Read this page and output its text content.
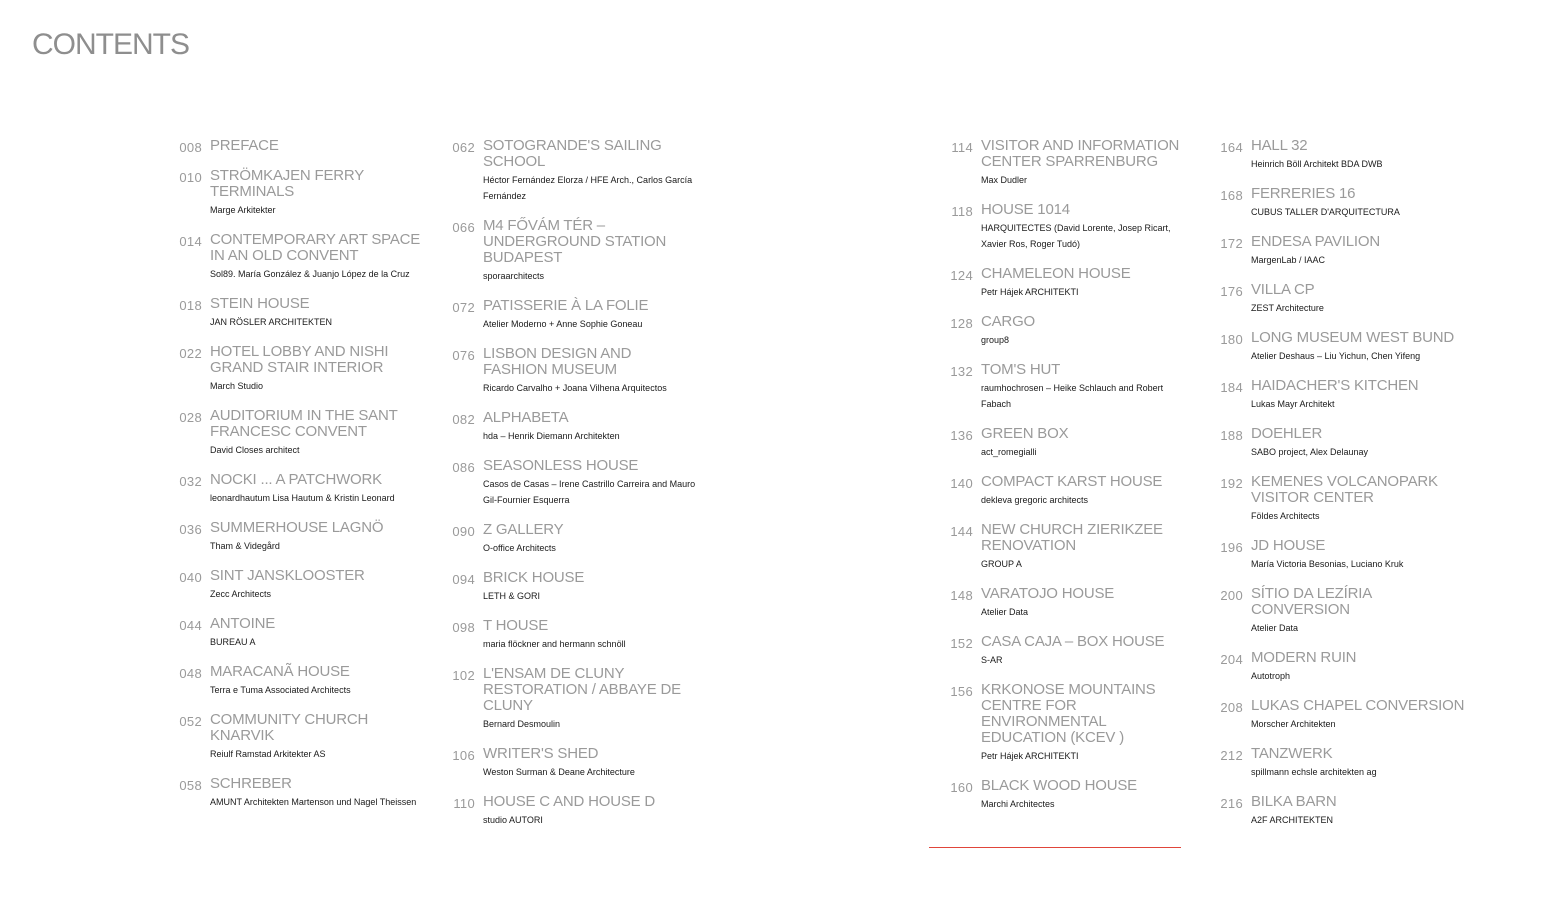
CONTENTS
008 PREFACE
010 STRÖMKAJEN FERRY TERMINALS
Marge Arkitekter
014 CONTEMPORARY ART SPACE IN AN OLD CONVENT
Sol89. María González & Juanjo López de la Cruz
018 STEIN HOUSE
JAN RÖSLER ARCHITEKTEN
022 HOTEL LOBBY AND NISHI GRAND STAIR INTERIOR
March Studio
028 AUDITORIUM IN THE SANT FRANCESC CONVENT
David Closes architect
032 NOCKI ... A PATCHWORK
leonardhautum Lisa Hautum & Kristin Leonard
036 SUMMERHOUSE LAGNÖ
Tham & Videgård
040 SINT JANSKLOOSTER
Zecc Architects
044 ANTOINE
BUREAU A
048 MARACANÃ HOUSE
Terra e Tuma Associated Architects
052 COMMUNITY CHURCH KNARVIK
Reiulf Ramstad Arkitekter AS
058 SCHREBER
AMUNT Architekten Martenson und Nagel Theissen
062 SOTOGRANDE'S SAILING SCHOOL
Héctor Fernández Elorza / HFE Arch., Carlos García Fernández
066 M4 FŐVÁM TÉR – UNDERGROUND STATION BUDAPEST
sporaarchitects
072 PATISSERIE À LA FOLIE
Atelier Moderno + Anne Sophie Goneau
076 LISBON DESIGN AND FASHION MUSEUM
Ricardo Carvalho + Joana Vilhena Arquitectos
082 ALPHABETA
hda – Henrik Diemann Architekten
086 SEASONLESS HOUSE
Casos de Casas – Irene Castrillo Carreira and Mauro Gil-Fournier Esquerra
090 Z GALLERY
O-office Architects
094 BRICK HOUSE
LETH & GORI
098 T HOUSE
maria flöckner and hermann schnöll
102 L'ENSAM DE CLUNY RESTORATION / ABBAYE DE CLUNY
Bernard Desmoulin
106 WRITER'S SHED
Weston Surman & Deane Architecture
110 HOUSE C AND HOUSE D
studio AUTORI
114 VISITOR AND INFORMATION CENTER SPARRENBURG
Max Dudler
118 HOUSE 1014
HARQUITECTES (David Lorente, Josep Ricart, Xavier Ros, Roger Tudó)
124 CHAMELEON HOUSE
Petr Hájek ARCHITEKTI
128 CARGO
group8
132 TOM'S HUT
raumhochrosen – Heike Schlauch and Robert Fabach
136 GREEN BOX
act_romegialli
140 COMPACT KARST HOUSE
dekleva gregoric architects
144 NEW CHURCH ZIERIKZEE RENOVATION
GROUP A
148 VARATOJO HOUSE
Atelier Data
152 CASA CAJA – BOX HOUSE
S-AR
156 KRKONOSE MOUNTAINS CENTRE FOR ENVIRONMENTAL EDUCATION (KCEV )
Petr Hájek ARCHITEKTI
160 BLACK WOOD HOUSE
Marchi Architectes
164 HALL 32
Heinrich Böll Architekt BDA DWB
168 FERRERIES 16
CUBUS TALLER D'ARQUITECTURA
172 ENDESA PAVILION
MargenLab / IAAC
176 VILLA CP
ZEST Architecture
180 LONG MUSEUM WEST BUND
Atelier Deshaus – Liu Yichun, Chen Yifeng
184 HAIDACHER'S KITCHEN
Lukas Mayr Architekt
188 DOEHLER
SABO project, Alex Delaunay
192 KEMENES VOLCANOPARK VISITOR CENTER
Földes Architects
196 JD HOUSE
María Victoria Besonias, Luciano Kruk
200 SÍTIO DA LEZÍRIA CONVERSION
Atelier Data
204 MODERN RUIN
Autotroph
208 LUKAS CHAPEL CONVERSION
Morscher Architekten
212 TANZWERK
spillmann echsle architekten ag
216 BILKA BARN
A2F ARCHITEKTEN
